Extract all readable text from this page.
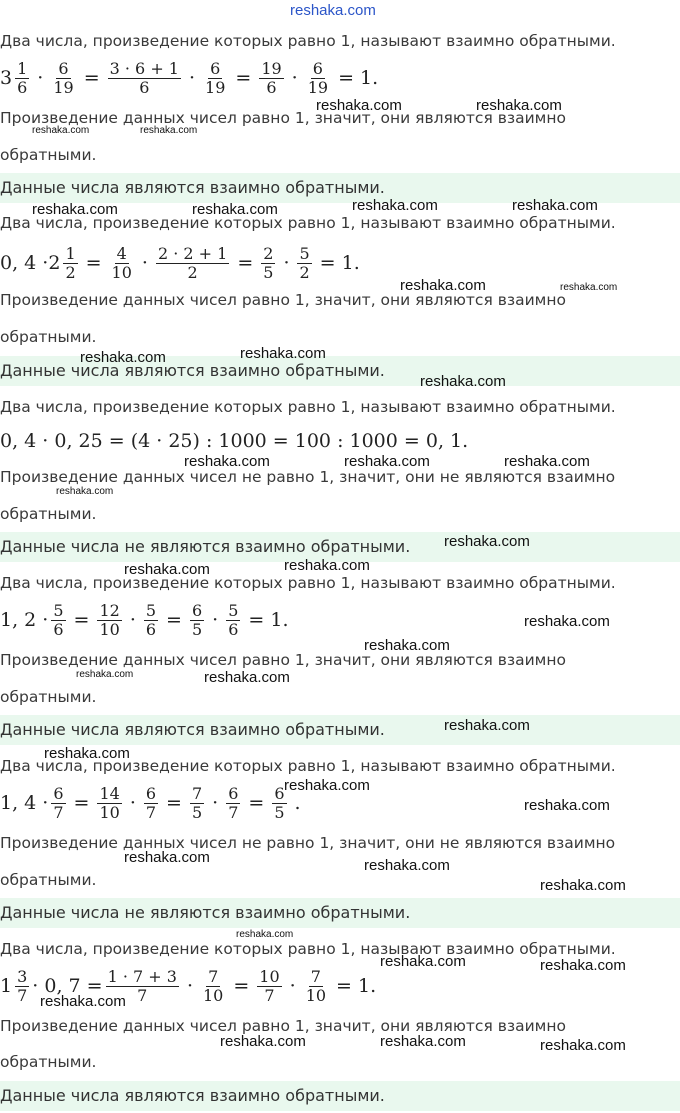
reshaka.com
Два числа, произведение которых равно 1, называют взаимно обратными.
$3 \frac{1}{6} \cdot \frac{6}{19} = \frac{3 \cdot 6 + 1}{6} \cdot \frac{6}{19} = \frac{19}{6} \cdot \frac{6}{19} = 1$.
Произведение данных чисел равно 1, значит, они являются взаимно
обратными.
Данные числа являются взаимно обратными.
Два числа, произведение которых равно 1, называют взаимно обратными.
0, $4 \cdot 2 \frac{1}{2} = \frac{4}{10} \cdot \frac{2 \cdot 2 + 1}{2} = \frac{2}{5} \cdot \frac{5}{2} = 1$.
Произведение данных чисел равно 1, значит, они являются взаимно
обратными.
Данные числа являются взаимно обратными.
Два числа, произведение которых равно 1, называют взаимно обратными.
0, 4 · 0, 25 = (4 · 25) : 1000 = 100 : 1000 = 0, 1.
Произведение данных чисел не равно 1, значит, они не являются взаимно
обратными.
Данные числа не являются взаимно обратными.
Два числа, произведение которых равно 1, называют взаимно обратными.
1, $2 \cdot \frac{5}{6} = \frac{12}{10} \cdot \frac{5}{6} = \frac{6}{5} \cdot \frac{5}{6} = 1$.
Произведение данных чисел равно 1, значит, они являются взаимно
обратными.
Данные числа являются взаимно обратными.
Два числа, произведение которых равно 1, называют взаимно обратными.
1, $4 \cdot \frac{6}{7} = \frac{14}{10} \cdot \frac{6}{7} = \frac{7}{5} \cdot \frac{6}{7} = \frac{6}{5}$ .
Произведение данных чисел не равно 1, значит, они не являются взаимно
обратными.
Данные числа не являются взаимно обратными.
Два числа, произведение которых равно 1, называют взаимно обратными.
$1 \frac{3}{7} \cdot 0$, $7 = \frac{1 \cdot 7 + 3}{7} \cdot \frac{7}{10} = \frac{10}{7} \cdot \frac{7}{10} = 1$.
Произведение данных чисел равно 1, значит, они являются взаимно
обратными.
Данные числа являются взаимно обратными.
reshaka.com	reshaka.com
reshaka.com	reshaka.com
reshaka.com	reshaka.com	reshaka.com	reshaka.com
reshaka.com	reshaka.com
reshaka.com	reshaka.com
reshaka.com
reshaka.com	reshaka.com	reshaka.com
reshaka.com
reshaka.com
reshaka.com	reshaka.com
reshaka.com
reshaka.com
reshaka.com	reshaka.com
reshaka.com
reshaka.com
reshaka.com
reshaka.com
reshaka.com	reshaka.com
reshaka.com
reshaka.com
reshaka.com	reshaka.com
reshaka.com
reshaka.com	reshaka.com	reshaka.com
